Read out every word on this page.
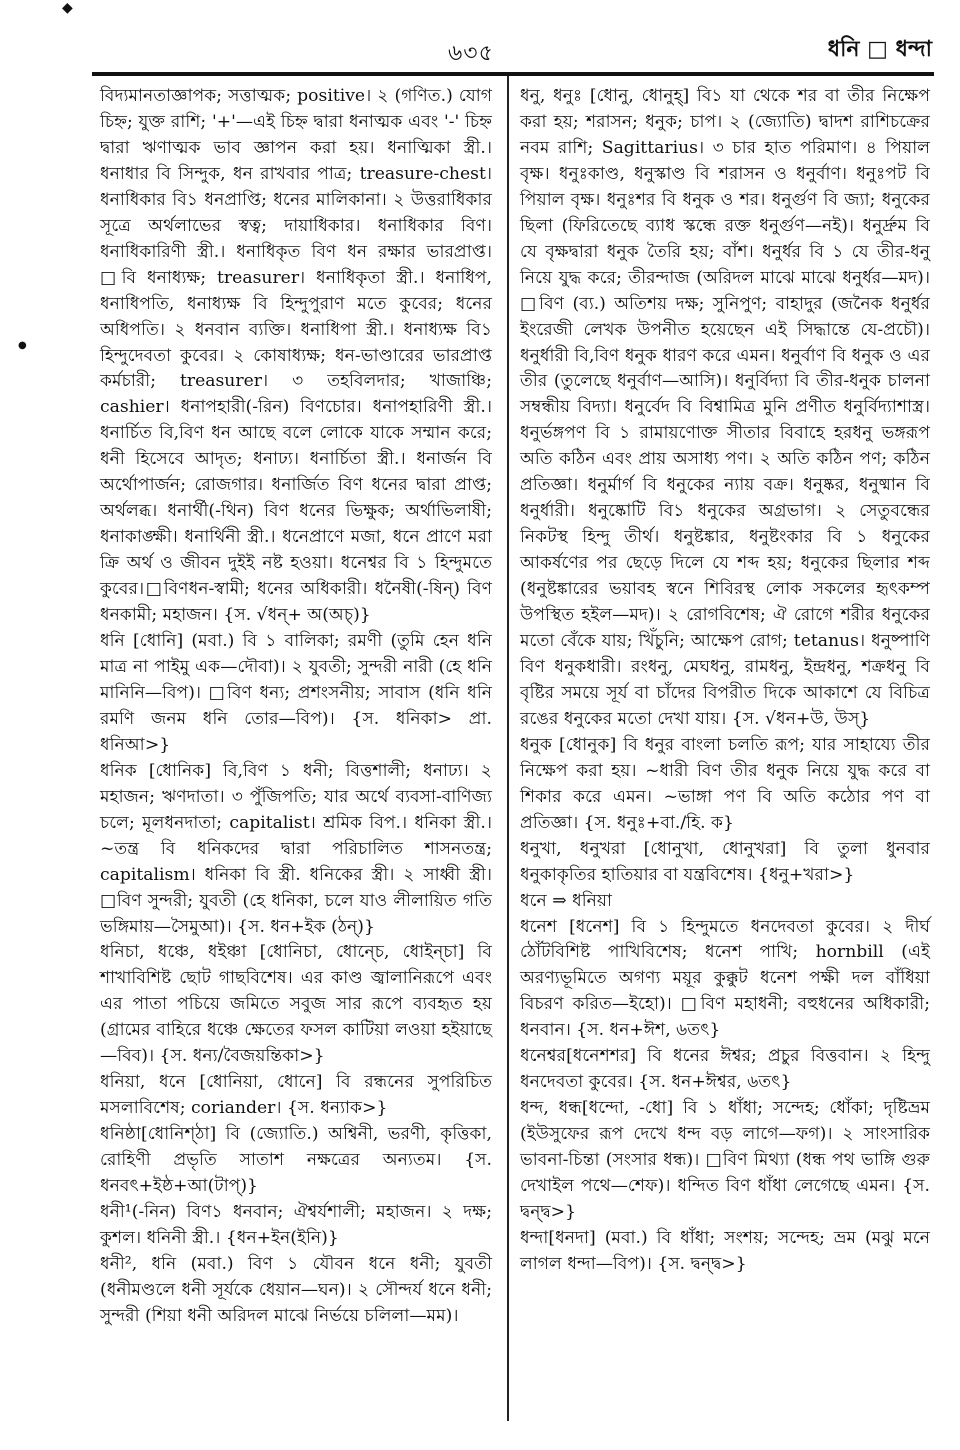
◆
●
৬৩৫	ধনি □ ধন্দা

বিদ্যমানতাজ্ঞাপক; সত্তাত্মক; positive। ২ (গণিত.) যোগ চিহ্ন; যুক্ত রাশি; '+'—এই চিহ্ন দ্বারা ধনাত্মক এবং '-' চিহ্ন দ্বারা ঋণাত্মক ভাব জ্ঞাপন করা হয়। ধনাত্মিকা স্ত্রী.। ধনাধার বি সিন্দুক, ধন রাখবার পাত্র; treasure-chest। ধনাধিকার বি১ ধনপ্রাপ্তি; ধনের মালিকানা। ২ উত্তরাধিকার সূত্রে অর্থলাভের স্বত্ব; দায়াধিকার। ধনাধিকার বিণ। ধনাধিকারিণী স্ত্রী.। ধনাধিকৃত বিণ ধন রক্ষার ভারপ্রাপ্ত। □বি ধনাধ্যক্ষ; treasurer। ধনাধিকৃতা স্ত্রী.। ধনাধিপ, ধনাধিপতি, ধনাধ্যক্ষ বি হিন্দুপুরাণ মতে কুবের; ধনের অধিপতি। ২ ধনবান ব্যক্তি। ধনাধিপা স্ত্রী.। ধনাধ্যক্ষ বি১ হিন্দুদেবতা কুবের। ২ কোষাধ্যক্ষ; ধন-ভাণ্ডারের ভারপ্রাপ্ত কর্মচারী; treasurer। ৩ তহবিলদার; খাজাঞ্চি; cashier। ধনাপহারী(-রিন) বিণচোর। ধনাপহারিণী স্ত্রী.। ধনার্চিত বি,বিণ ধন আছে বলে লোকে যাকে সম্মান করে; ধনী হিসেবে আদৃত; ধনাঢ্য। ধনার্চিতা স্ত্রী.। ধনার্জন বি অর্থোপার্জন; রোজগার। ধনার্জিত বিণ ধনের দ্বারা প্রাপ্ত; অর্থলব্ধ। ধনার্থী(-থিন) বিণ ধনের ভিক্ষুক; অর্থাভিলাষী; ধনাকাঙ্ক্ষী। ধনার্থিনী স্ত্রী.। ধনেপ্রাণে মজা, ধনে প্রাণে মরা ক্রি অর্থ ও জীবন দুইই নষ্ট হওয়া। ধনেশ্বর বি ১ হিন্দুমতে কুবের।□বিণধন-স্বামী; ধনের অধিকারী। ধনৈষী(-ষিন্) বিণ ধনকামী; মহাজন। {স. √ধন্+ অ(অচ্)}

ধনি [ধোনি] (মবা.) বি ১ বালিকা; রমণী (তুমি হেন ধনি মাত্র না পাইমু এক—দৌবা)। ২ যুবতী; সুন্দরী নারী (হে ধনি মানিনি—বিপ)। □বিণ ধন্য; প্রশংসনীয়; সাবাস (ধনি ধনি রমণি জনম ধনি তোর—বিপ)। {স. ধনিকা> প্রা. ধনিআ>}

ধনিক [ধোনিক] বি,বিণ ১ ধনী; বিত্তশালী; ধনাঢ্য। ২ মহাজন; ঋণদাতা। ৩ পুঁজিপতি; যার অর্থে ব্যবসা-বাণিজ্য চলে; মূলধনদাতা; capitalist। শ্রমিক বিপ.। ধনিকা স্ত্রী.। ~তন্ত্র বি ধনিকদের দ্বারা পরিচালিত শাসনতন্ত্র; capitalism। ধনিকা বি স্ত্রী. ধনিকের স্ত্রী। ২ সাধ্বী স্ত্রী।□বিণ সুন্দরী; যুবতী (হে ধনিকা, চলে যাও লীলায়িত গতি ভঙ্গিমায়—সৈমুআ)। {স. ধন+ইক (ঠন্)}

ধনিচা, ধঞ্চে, ধইঞ্চা [ধোনিচা, ধোন্চে, ধোইন্চা] বি শাখাবিশিষ্ট ছোট গাছবিশেষ। এর কাণ্ড জ্বালানিরূপে এবং এর পাতা পচিয়ে জমিতে সবুজ সার রূপে ব্যবহৃত হয় (গ্রামের বাহিরে ধঞ্চে ক্ষেতের ফসল কাটিয়া লওয়া হইয়াছে—বিব)। {স. ধন্য/বৈজয়ন্তিকা>}

ধনিয়া, ধনে [ধোনিয়া, ধোনে] বি রন্ধনের সুপরিচিত মসলাবিশেষ; coriander। {স. ধন্যাক>}

ধনিষ্ঠা[ধোনিশ্‌ঠা] বি (জ্যোতি.) অশ্বিনী, ভরণী, কৃত্তিকা, রোহিণী প্রভৃতি সাতাশ নক্ষত্রের অন্যতম। {স. ধনবৎ+ইষ্ঠ+আ(টাপ্)}

ধনী¹(-নিন) বিণ১ ধনবান; ঐশ্বর্যশালী; মহাজন। ২ দক্ষ; কুশল। ধনিনী স্ত্রী.। {ধন+ইন(ইনি)}

ধনী², ধনি (মবা.) বিণ ১ যৌবন ধনে ধনী; যুবতী (ধনীমণ্ডলে ধনী সূর্যকে ধেয়ান—ঘন)। ২ সৌন্দর্য ধনে ধনী; সুন্দরী (শিয়া ধনী অরিদল মাঝে নির্ভয়ে চলিলা—মম)।

ধনু, ধনুঃ [ধোনু, ধোনুহ্] বি১ যা থেকে শর বা তীর নিক্ষেপ করা হয়; শরাসন; ধনুক; চাপ। ২ (জ্যোতি) দ্বাদশ রাশিচক্রের নবম রাশি; Sagittarius। ৩ চার হাত পরিমাণ। ৪ পিয়াল বৃক্ষ। ধনুঃকাণ্ড, ধনুস্কাণ্ড বি শরাসন ও ধনুর্বাণ। ধনুঃপট বি পিয়াল বৃক্ষ। ধনুঃশর বি ধনুক ও শর। ধনুর্গুণ বি জ্যা; ধনুকের ছিলা (ফিরিতেছে ব্যাধ স্কন্ধে রক্ত ধনুর্গুণ—নই)। ধনুর্দ্রুম বি যে বৃক্ষদ্বারা ধনুক তৈরি হয়; বাঁশ। ধনুর্ধর বি ১ যে তীর-ধনু নিয়ে যুদ্ধ করে; তীরন্দাজ (অরিদল মাঝে মাঝে ধনুর্ধর—মদ)। □বিণ (ব্য.) অতিশয় দক্ষ; সুনিপুণ; বাহাদুর (জনৈক ধনুর্ধর ইংরেজী লেখক উপনীত হয়েছেন এই সিদ্ধান্তে যে-প্রচৌ)। ধনুর্ধারী বি,বিণ ধনুক ধারণ করে এমন। ধনুর্বাণ বি ধনুক ও এর তীর (তুলেছে ধনুর্বাণ—আসি)। ধনুর্বিদ্যা বি তীর-ধনুক চালনা সম্বন্ধীয় বিদ্যা। ধনুর্বেদ বি বিশ্বামিত্র মুনি প্রণীত ধনুর্বিদ্যাশাস্ত্র। ধনুর্ভঙ্গপণ বি ১ রামায়ণোক্ত সীতার বিবাহে হরধনু ভঙ্গরূপ অতি কঠিন এবং প্রায় অসাধ্য পণ। ২ অতি কঠিন পণ; কঠিন প্রতিজ্ঞা। ধনুর্মার্গ বি ধনুকের ন্যায় বক্র। ধনুষ্কর, ধনুষ্মান বি ধনুর্ধারী। ধনুষ্কোটি বি১ ধনুকের অগ্রভাগ। ২ সেতুবন্ধের নিকটস্থ হিন্দু তীর্থ। ধনুষ্টঙ্কার, ধনুষ্টংকার বি ১ ধনুকের আকর্ষণের পর ছেড়ে দিলে যে শব্দ হয়; ধনুকের ছিলার শব্দ (ধনুষ্টঙ্কারের ভয়াবহ স্বনে শিবিরস্থ লোক সকলের হৃৎকম্প উপস্থিত হইল—মদ)। ২ রোগবিশেষ; ঐ রোগে শরীর ধনুকের মতো বেঁকে যায়; খিঁচুনি; আক্ষেপ রোগ; tetanus। ধনুষ্পাণি বিণ ধনুকধারী। রংধনু, মেঘধনু, রামধনু, ইন্দ্রধনু, শক্রধনু বি বৃষ্টির সময়ে সূর্য বা চাঁদের বিপরীত দিকে আকাশে যে বিচিত্র রঙের ধনুকের মতো দেখা যায়। {স. √ধন+উ, উস্}

ধনুক [ধোনুক] বি ধনুর বাংলা চলতি রূপ; যার সাহায্যে তীর নিক্ষেপ করা হয়। ~ধারী বিণ তীর ধনুক নিয়ে যুদ্ধ করে বা শিকার করে এমন। ~ভাঙ্গা পণ বি অতি কঠোর পণ বা প্রতিজ্ঞা। {স. ধনুঃ+বা./হি. ক}

ধনুখা, ধনুখরা [ধোনুখা, ধোনুখরা] বি তুলা ধুনবার ধনুকাকৃতির হাতিয়ার বা যন্ত্রবিশেষ। {ধনু+খরা>}

ধনে ⇒ ধনিয়া

ধনেশ [ধনেশ] বি ১ হিন্দুমতে ধনদেবতা কুবের। ২ দীর্ঘ ঠোঁটবিশিষ্ট পাখিবিশেষ; ধনেশ পাখি; hornbill (এই অরণ্যভূমিতে অগণ্য ময়ূর কুক্কুট ধনেশ পক্ষী দল বাঁধিয়া বিচরণ করিত—ইহো)। □বিণ মহাধনী; বহুধনের অধিকারী; ধনবান। {স. ধন+ঈশ, ৬তৎ}

ধনেশ্বর[ধনেশশর] বি ধনের ঈশ্বর; প্রচুর বিত্তবান। ২ হিন্দু ধনদেবতা কুবের। {স. ধন+ঈশ্বর, ৬তৎ}

ধন্দ, ধন্ধ[ধন্দো, -ধো] বি ১ ধাঁধা; সন্দেহ; ধোঁকা; দৃষ্টিভ্রম (ইউসুফের রূপ দেখে ধন্দ বড় লাগে—ফগ)। ২ সাংসারিক ভাবনা-চিন্তা (সংসার ধন্ধ)। □বিণ মিথ্যা (ধন্ধ পথ ভাঙ্গি গুরু দেখাইল পথে—শেফ)। ধন্দিত বিণ ধাঁধা লেগেছে এমন। {স. দ্বন্দ্ব>}

ধন্দা[ধনদা] (মবা.) বি ধাঁধা; সংশয়; সন্দেহ; ভ্রম (মঝু মনে লাগল ধন্দা—বিপ)। {স. দ্বন্দ্ব>}
